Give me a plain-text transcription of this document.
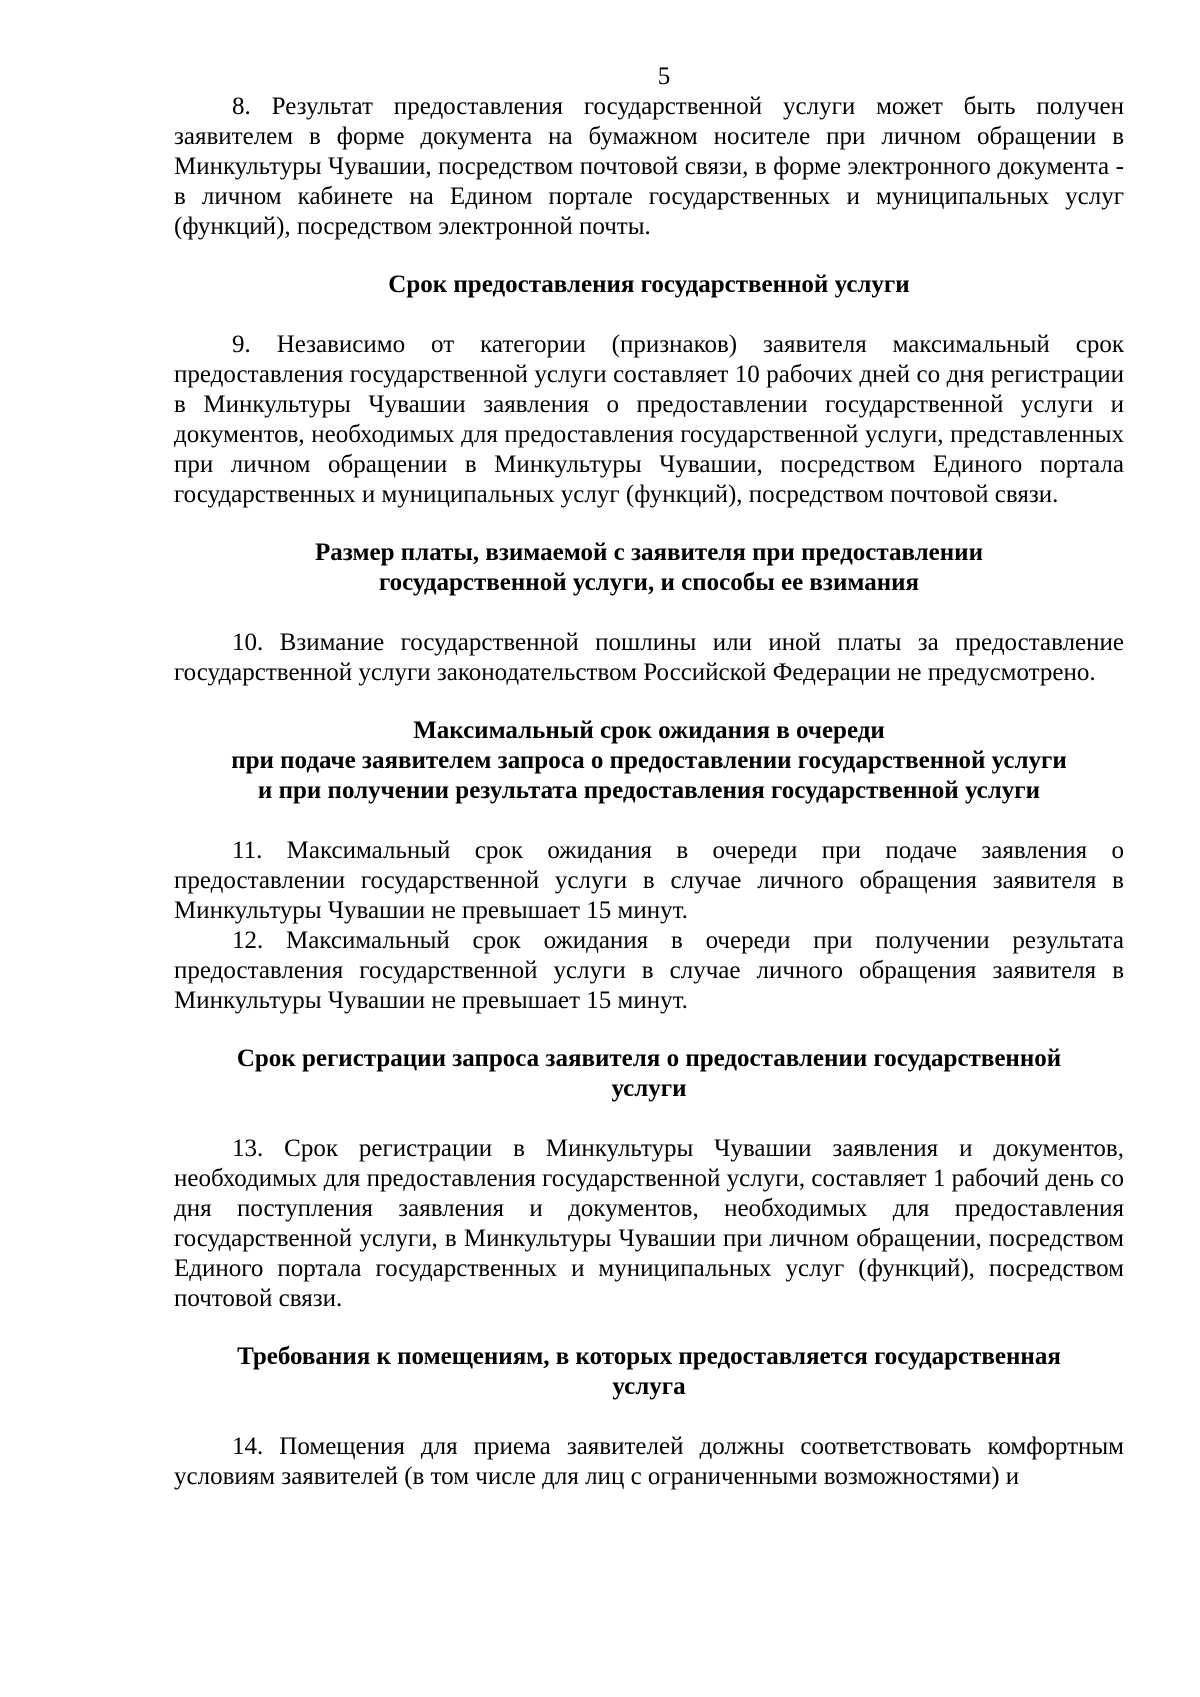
5

8. Результат предоставления государственной услуги может быть получен заявителем в форме документа на бумажном носителе при личном обращении в Минкультуры Чувашии, посредством почтовой связи, в форме электронного документа - в личном кабинете на Едином портале государственных и муниципальных услуг (функций), посредством электронной почты.

Срок предоставления государственной услуги

9. Независимо от категории (признаков) заявителя максимальный срок предоставления государственной услуги составляет 10 рабочих дней со дня регистрации в Минкультуры Чувашии заявления о предоставлении государственной услуги и документов, необходимых для предоставления государственной услуги, представленных при личном обращении в Минкультуры Чувашии, посредством Единого портала государственных и муниципальных услуг (функций), посредством почтовой связи.

Размер платы, взимаемой с заявителя при предоставлении
государственной услуги, и способы ее взимания

10. Взимание государственной пошлины или иной платы за предоставление государственной услуги законодательством Российской Федерации не предусмотрено.

Максимальный срок ожидания в очереди
при подаче заявителем запроса о предоставлении государственной услуги
и при получении результата предоставления государственной услуги

11. Максимальный срок ожидания в очереди при подаче заявления о предоставлении государственной услуги в случае личного обращения заявителя в Минкультуры Чувашии не превышает 15 минут.

12. Максимальный срок ожидания в очереди при получении результата предоставления государственной услуги в случае личного обращения заявителя в Минкультуры Чувашии не превышает 15 минут.

Срок регистрации запроса заявителя о предоставлении государственной
услуги

13. Срок регистрации в Минкультуры Чувашии заявления и документов, необходимых для предоставления государственной услуги, составляет 1 рабочий день со дня поступления заявления и документов, необходимых для предоставления государственной услуги, в Минкультуры Чувашии при личном обращении, посредством Единого портала государственных и муниципальных услуг (функций), посредством почтовой связи.

Требования к помещениям, в которых предоставляется государственная
услуга

14. Помещения для приема заявителей должны соответствовать комфортным условиям заявителей (в том числе для лиц с ограниченными возможностями) и
